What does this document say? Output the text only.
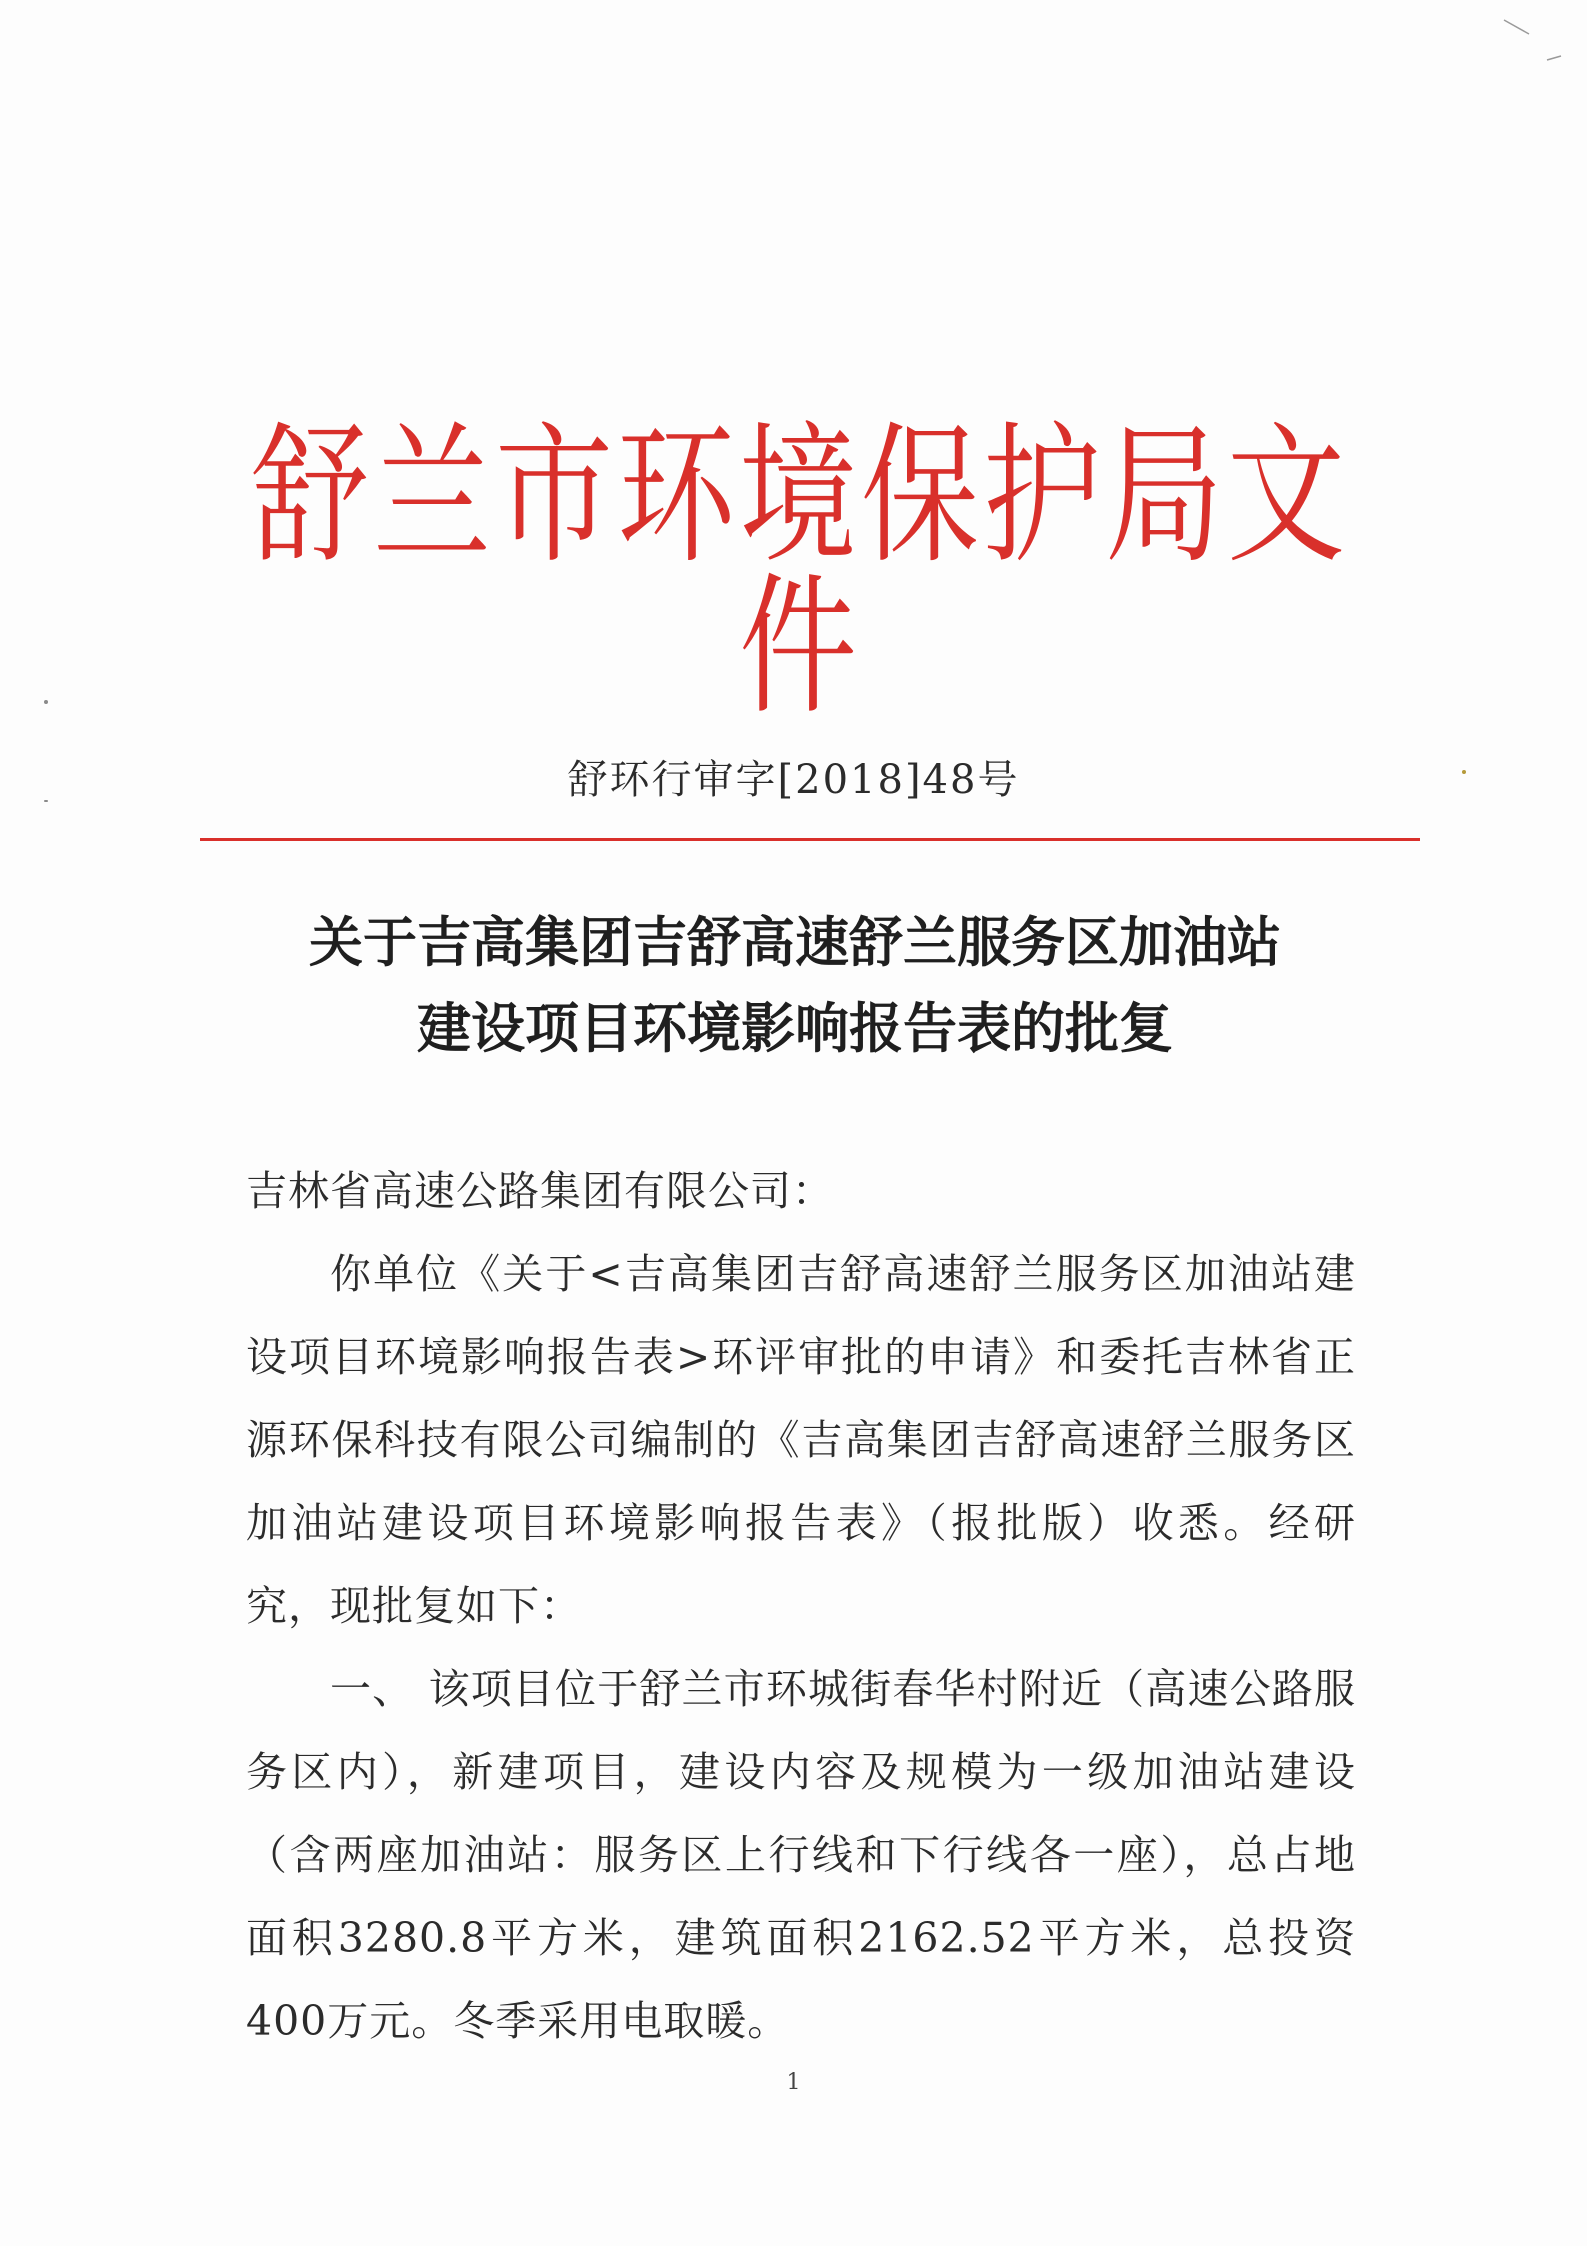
舒兰市环境保护局文件
舒环行审字[2018]48号
关于吉高集团吉舒高速舒兰服务区加油站
建设项目环境影响报告表的批复

吉林省高速公路集团有限公司：

你单位《关于<吉高集团吉舒高速舒兰服务区加油站建设项目环境影响报告表>环评审批的申请》和委托吉林省正源环保科技有限公司编制的《吉高集团吉舒高速舒兰服务区加油站建设项目环境影响报告表》（报批版）收悉。经研究，现批复如下：

一、 该项目位于舒兰市环城街春华村附近（高速公路服务区内），新建项目，建设内容及规模为一级加油站建设（含两座加油站：服务区上行线和下行线各一座），总占地面积3280.8平方米，建筑面积2162.52平方米，总投资400万元。冬季采用电取暖。

1
